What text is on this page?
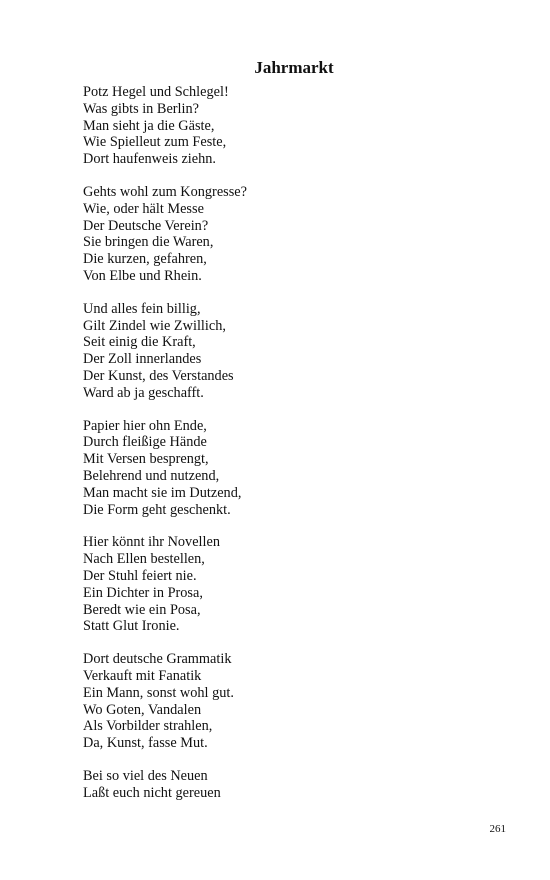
Jahrmarkt
Potz Hegel und Schlegel!
Was gibts in Berlin?
Man sieht ja die Gäste,
Wie Spielleut zum Feste,
Dort haufenweis ziehn.
Gehts wohl zum Kongresse?
Wie, oder hält Messe
Der Deutsche Verein?
Sie bringen die Waren,
Die kurzen, gefahren,
Von Elbe und Rhein.
Und alles fein billig,
Gilt Zindel wie Zwillich,
Seit einig die Kraft,
Der Zoll innerlandes
Der Kunst, des Verstandes
Ward ab ja geschafft.
Papier hier ohn Ende,
Durch fleißige Hände
Mit Versen besprengt,
Belehrend und nutzend,
Man macht sie im Dutzend,
Die Form geht geschenkt.
Hier könnt ihr Novellen
Nach Ellen bestellen,
Der Stuhl feiert nie.
Ein Dichter in Prosa,
Beredt wie ein Posa,
Statt Glut Ironie.
Dort deutsche Grammatik
Verkauft mit Fanatik
Ein Mann, sonst wohl gut.
Wo Goten, Vandalen
Als Vorbilder strahlen,
Da, Kunst, fasse Mut.
Bei so viel des Neuen
Laßt euch nicht gereuen
261
